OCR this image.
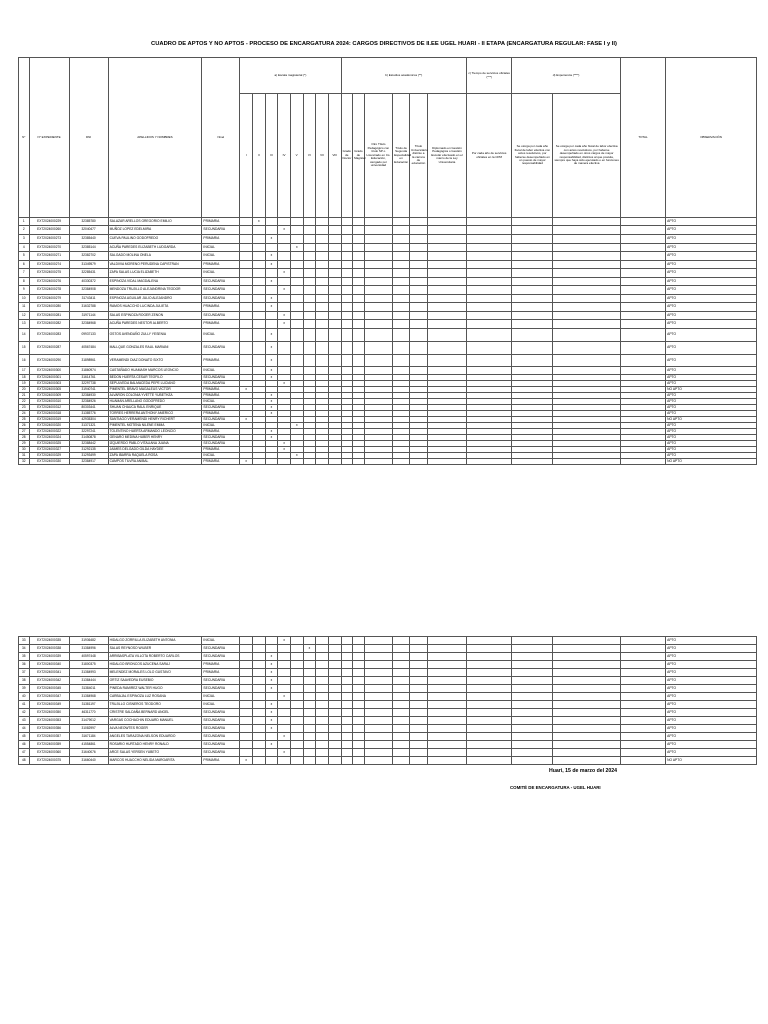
CUADRO DE APTOS Y NO APTOS - PROCESO DE ENCARGATURA 2024: CARGOS DIRECTIVOS DE II.EE UGEL HUARI - II ETAPA (ENCARGATURA REGULAR: FASE I y II)
N°	N° EXPEDIENTE	DNI	APELLIDOS Y NOMBRES	Nivel	a) Escala magisterial (*)								b) Estudios académicos (**)						c) Tiempo de servicios oficiales (***)	d) Experiencia (****)		TOTAL	OBSERVACIÓN
					I	II	III	IV	V	VI	VII	VIII	Grado de Doctor	Grado de Magíster	Otro Título Pedagógico con título SP o Licenciado en Cs. Educación, otorgado por universidad	Título de Segunda Especialidad en Educación	Título Universitario distinto a la carrera de educación	Diplomado en Gestión Pedagógica o Gestión Escolar efectuado en el marco de la Ley Universitaria	Por cada año de servicios oficiales en la CPM	Se otorga por cada año fiscal de labor efectiva con actos resolutivos, por haberse desempeñado en un puesto de mayor responsabilidad	Se otorga por cada año fiscal de labor efectiva con actos resolutivos, por haberse desempeñado en otros cargos de mayor responsabilidad, distintos al que postula, siempre que haya sido ejecutado o en funciones de manera efectiva		
1	EXT2024000229	32385780	SALAZAR ARELLOS GREGORIO EMILIO	PRIMARIA		x																	APTO
2	EXT2024000260	32040477	MUÑOZ LOPEZ EDELMIRA	SECUNDARIA				x															APTO
3	EXT2024000273	32385440	CUEVA PAULINO GODOFREDO	PRIMARIA			x																APTO
4	EXT2024000270	32385144	ACUÑA PAREDES ELIZABETH LUDGARDA	INICIAL					x														APTO
5	EXT2024000271	32382702	SALGADO MOLINA ONELA	INICIAL			x																APTO
6	EXT2024000274	31349579	VALDIVIA MORENO PERUDENA CAPISTRAN	PRIMARIA			x																APTO
7	EXT2024000275	32285431	ZAPA SALAS LUCIA ELIZABETH	INICIAL				x															APTO
8	EXT2024000276	40330372	ESPINOZA VIDAL MAGDALENA	SECUNDARIA			x																APTO
9	EXT2024000278	32384908	MENDOZA TRUJILLO ALEJANDRINA TEODOR	SECUNDARIA				x															APTO
10	EXT2024000279	31743411	ESPINOZA AGUILAR JULIO ALEJANDRO	SECUNDARIA			x																APTO
11	EXT2024000280	31632788	RAMOS HUACCHO LUCINDA JULIETA	PRIMARIA			x																APTO
12	EXT2024000281	31971144	SALAS ESPINOZA ROGER ZENON	SECUNDARIA				x															APTO
13	EXT2024000282	32384968	ACUÑA PAREDES NESTOR ALBERTO	PRIMARIA				x															APTO
14	EXT2024000283	09937133	OSTOS AVENDAÑO ZULLY YESENIA	INICIAL			x																APTO
15	EXT2024000287	40567484	MALLQUE GONZALES RAUL MARIANI	SECUNDARIA			x																APTO
16	EXT2024000290	31898961	VERAMENDI DIAZ DONATO SIXTO	PRIMARIA			x																APTO
17	EXT2024000300	31860974	CASTAÑADO HUAMASH MARCOS LEONCIO	INICIAL			x																APTO
18	EXT2024000301	31614761	BEDON HUERTA CESAR TEOFILO	SECUNDARIA			x																APTO
19	EXT2024000303	32297738	SEPULVEDA BALMACEDA PEPE LUCIANO	SECUNDARIA				x															APTO
20	EXT2024000305	31940741	PIMENTEL BRAVO MAGALEUS VICTOR	PRIMARIA	x																		NO APTO
21	EXT2024000309	32384930	ALVARON COLONIA YVETTE YUBETHZA	PRIMARIA			x																APTO
22	EXT2024000310	32384926	HUAMAN ARELLANO GODOFREDO	INICIAL			x																APTO
23	EXT2024000312	80303441	SHUAN CHAUCA RAUL ENRIQUE	SECUNDARIA			x																APTO
24	EXT2024000318	31385776	TORRES HERRERA ANTHONY AMERICO	PRIMARIA			x																APTO
25	EXT2024000319	42935304	SANTIAGO VERAMENDI HENRY RICHERT	SECUNDARIA	x																		NO APTO
26	EXT2024000320	31371321	PIMENTEL MOTENA NILENE EMMA	INICIAL					x														APTO
27	EXT2024000322	32297241	TOLENTINO HUERTA ARMANDO LEONCIO	PRIMARIA			x																APTO
28	EXT2024000324	31450878	GENARO MEDINA HUBER HENRY	SECUNDARIA			x																APTO
29	EXT2024000325	32388442	IZQUIERDO PABLO VITALIANA JUANA	SECUNDARIA				x															APTO
30	EXT2024000327	31292135	JAIMES DELGADO GILDA HAYDEE	PRIMARIA				x															APTO
31	EXT2024000329	31293499	ZAPA IBARRA RAQUELA ROSA	INICIAL					x														APTO
32	EXT2024000330	32384917	CAMPOS TILVRA ANIBAL	PRIMARIA	x																		NO APTO
33	EXT2024000335	31936482	HIDALGO ZORRILLA ELIZABETH ANTONIA	INICIAL				x															APTO
34	EXT2024000338	31384996	SALAS REYNOSO WILBER	SECUNDARIA						x													APTO
35	EXT2024000339	40597448	ARRIBASPLATA VILLOTA ROBERTO CARLOS	SECUNDARIA			x																APTO
36	EXT2024000340	31800375	HIDALGO BRONCOS AZUCENA SARAJ	PRIMARIA			x																APTO
37	EXT2024000341	31384993	MELENDEZ MORALES LOLO GUSTAVO	PRIMARIA			x																APTO
38	EXT2024000342	31384444	ORTIZ SAAVEDRA EUSEBIO	SECUNDARIA			x																APTO
39	EXT2024000345	31384011	PINEDA RAMIREZ WALTER HUGO	SECUNDARIA			x																APTO
40	EXT2024000347	31384968	CARBAJAL ESPINOZA LUZ ROSANA	INICIAL				x															APTO
41	EXT2024000349	31381197	TRUJILLO CISNEROS TEODORO	INICIAL			x																APTO
42	EXT2024000350	46311770	CRISTRE SALDAÑA BERNARD ANGEL	SECUNDARIA			x																APTO
43	EXT2024000353	31479012	VARGAS COCHACHIN EDUARD MANUEL	SECUNDARIA			x																APTO
44	EXT2024000356	31082997	ALVA NEOWTES ROGER	SECUNDARIA			x																APTO
45	EXT2024000357	31671184	ANGELES TARAZONA NELSON EDUARDO	SECUNDARIA				x															APTO
46	EXT2024000359	41554861	ROSARIO HURTADO HENRY RONALD	SECUNDARIA			x																APTO
47	EXT2024000360	31640076	ARCE SALAS YERSEN YUBETO	SECUNDARIA				x															APTO
48	EXT2024000375	31660440	MARCOS HUACCHO NELIDA MARGARITA	PRIMARIA	x																		NO APTO
Huari, 15 de marzo del 2024
COMITÉ DE ENCARGATURA - UGEL HUARI
